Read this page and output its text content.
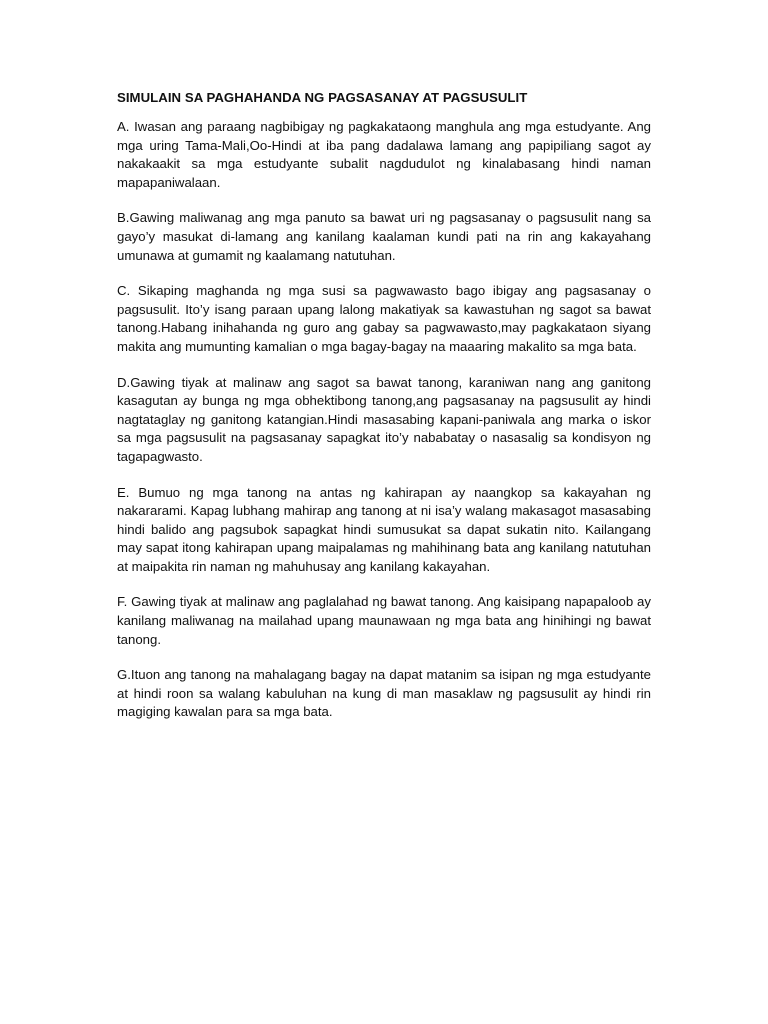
SIMULAIN SA PAGHAHANDA NG PAGSASANAY AT PAGSUSULIT

A. Iwasan ang paraang nagbibigay ng pagkakataong manghula ang mga estudyante. Ang mga uring Tama-Mali,Oo-Hindi at iba pang dadalawa lamang ang papipiliang sagot ay nakakaakit sa mga estudyante subalit nagdudulot ng kinalabasang hindi naman mapapaniwalaan.

B.Gawing maliwanag ang mga panuto sa bawat uri ng pagsasanay o pagsusulit nang sa gayo’y masukat di-lamang ang kanilang kaalaman kundi pati na rin ang kakayahang umunawa at gumamit ng kaalamang natutuhan.

C. Sikaping maghanda ng mga susi sa pagwawasto bago ibigay ang pagsasanay o pagsusulit. Ito’y isang paraan upang lalong makatiyak sa kawastuhan ng sagot sa bawat tanong.Habang inihahanda ng guro ang gabay sa pagwawasto,may pagkakataon siyang makita ang mumunting kamalian o mga bagay-bagay na maaaring makalito sa mga bata.

D.Gawing tiyak at malinaw ang sagot sa bawat tanong, karaniwan nang ang ganitong kasagutan ay bunga ng mga obhektibong tanong,ang pagsasanay na pagsusulit ay hindi nagtataglay ng ganitong katangian.Hindi masasabing kapani-paniwala ang marka o iskor sa mga pagsusulit na pagsasanay sapagkat ito’y nababatay o nasasalig sa kondisyon ng tagapagwasto.

E. Bumuo ng mga tanong na antas ng kahirapan ay naangkop sa kakayahan ng nakararami. Kapag lubhang mahirap ang tanong at ni isa’y walang makasagot masasabing hindi balido ang pagsubok sapagkat hindi sumusukat sa dapat sukatin nito. Kailangang may sapat itong kahirapan upang maipalamas ng mahihinang bata ang kanilang natutuhan at maipakita rin naman ng mahuhusay ang kanilang kakayahan.

F. Gawing tiyak at malinaw ang paglalahad ng bawat tanong. Ang kaisipang napapaloob ay kanilang maliwanag na mailahad upang maunawaan ng mga bata ang hinihingi ng bawat tanong.

G.Ituon ang tanong na mahalagang bagay na dapat matanim sa isipan ng mga estudyante at hindi roon sa walang kabuluhan na kung di man masaklaw ng pagsusulit ay hindi rin magiging kawalan para sa mga bata.
